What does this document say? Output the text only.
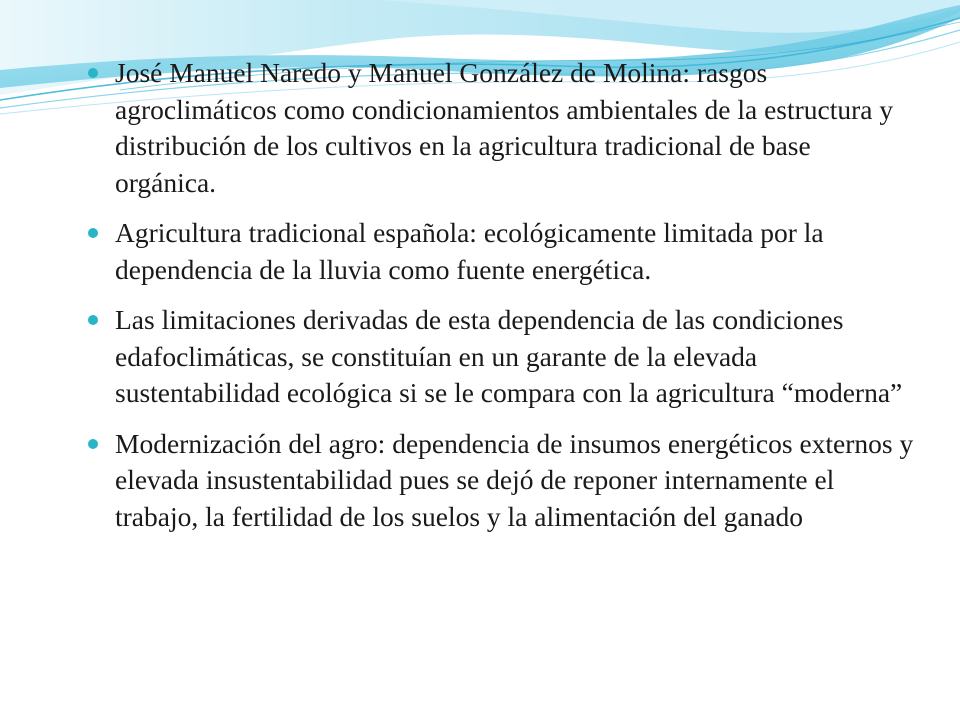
José Manuel Naredo y Manuel González de Molina: rasgos agroclimáticos como condicionamientos ambientales de la estructura y distribución de los cultivos en la agricultura tradicional de base orgánica.
Agricultura tradicional española: ecológicamente limitada por la dependencia de la lluvia como fuente energética.
Las limitaciones derivadas de esta dependencia de las condiciones edafoclimáticas, se constituían en un garante de la elevada sustentabilidad ecológica si se le compara con la agricultura “moderna”
Modernización del agro: dependencia de insumos energéticos externos y elevada insustentabilidad pues se dejó de reponer internamente el trabajo, la fertilidad de los suelos y la alimentación del ganado
